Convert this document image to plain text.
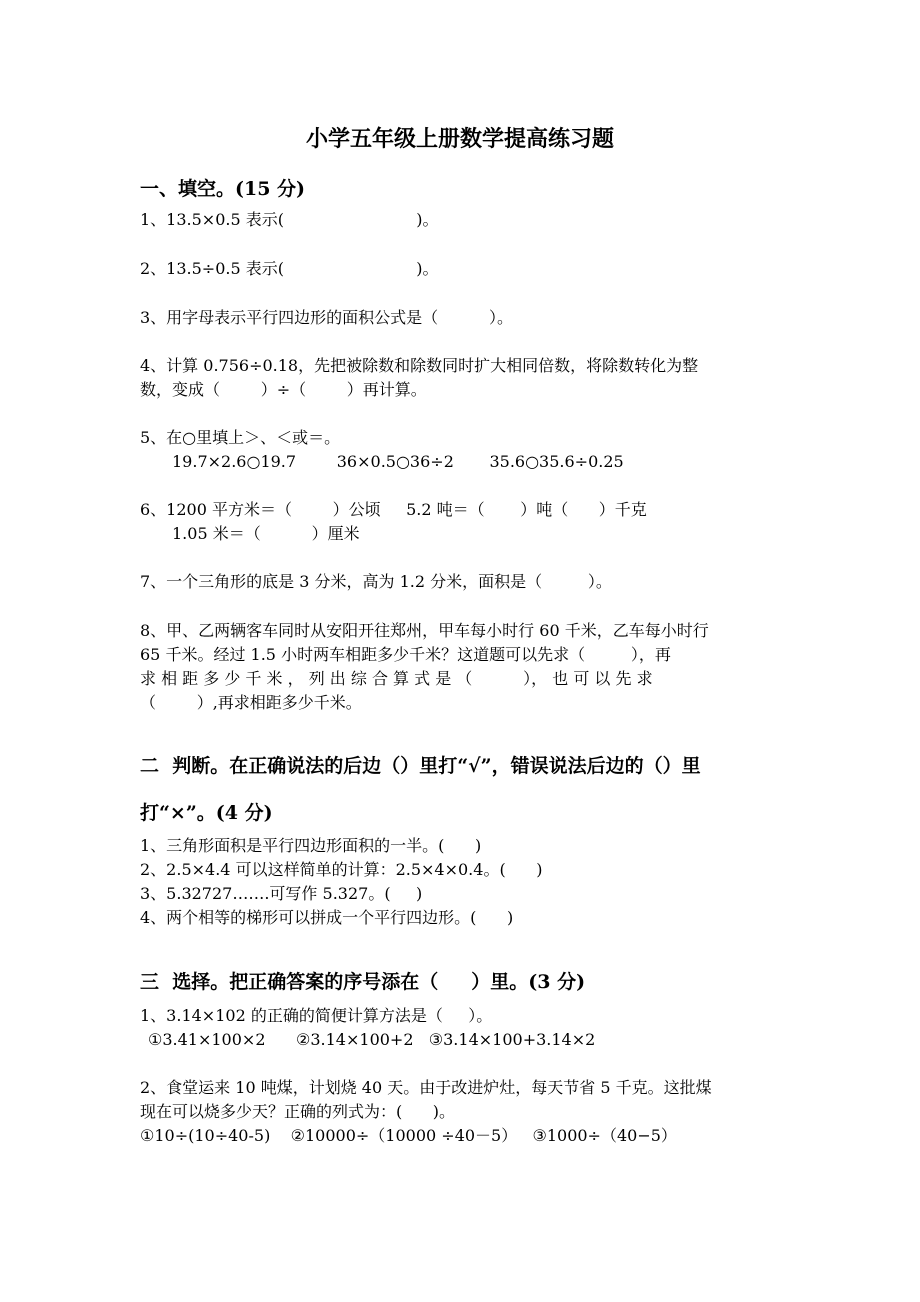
小学五年级上册数学提高练习题
一、填空。(15 分)
1、13.5×0.5 表示(                          )。
2、13.5÷0.5 表示(                          )。
3、用字母表示平行四边形的面积公式是（          ）。
4、计算 0.756÷0.18，先把被除数和除数同时扩大相同倍数，将除数转化为整
数，变成（        ）÷（        ）再计算。
5、在○里填上＞、＜或＝。
19.7×2.6○19.7        36×0.5○36÷2       35.6○35.6÷0.25
6、1200 平方米＝（        ）公顷     5.2 吨＝（       ）吨（      ）千克
1.05 米＝（          ）厘米
7、一个三角形的底是 3 分米，高为 1.2 分米，面积是（         ）。
8、甲、乙两辆客车同时从安阳开往郑州，甲车每小时行 60 千米，乙车每小时行
65 千米。经过 1.5 小时两车相距多少千米？这道题可以先求（         ），再
求 相 距 多 少 千 米 ， 列 出 综 合 算 式 是 （          ）， 也 可 以 先 求
（        ）,再求相距多少千米。
二  判断。在正确说法的后边（）里打“√”，错误说法后边的（）里
打“×”。(4 分)
1、三角形面积是平行四边形面积的一半。(      )
2、2.5×4.4 可以这样简单的计算：2.5×4×0.4。(      )
3、5.32727…….可写作 5.327。(     )
4、两个相等的梯形可以拼成一个平行四边形。(      )
三  选择。把正确答案的序号添在（     ）里。(3 分)
1、3.14×102 的正确的简便计算方法是（     ）。
①3.41×100×2      ②3.14×100+2   ③3.14×100+3.14×2
2、食堂运来 10 吨煤，计划烧 40 天。由于改进炉灶，每天节省 5 千克。这批煤
现在可以烧多少天？正确的列式为：(      )。
①10÷(10÷40-5)    ②10000÷（10000 ÷40－5）   ③1000÷（40−5）
